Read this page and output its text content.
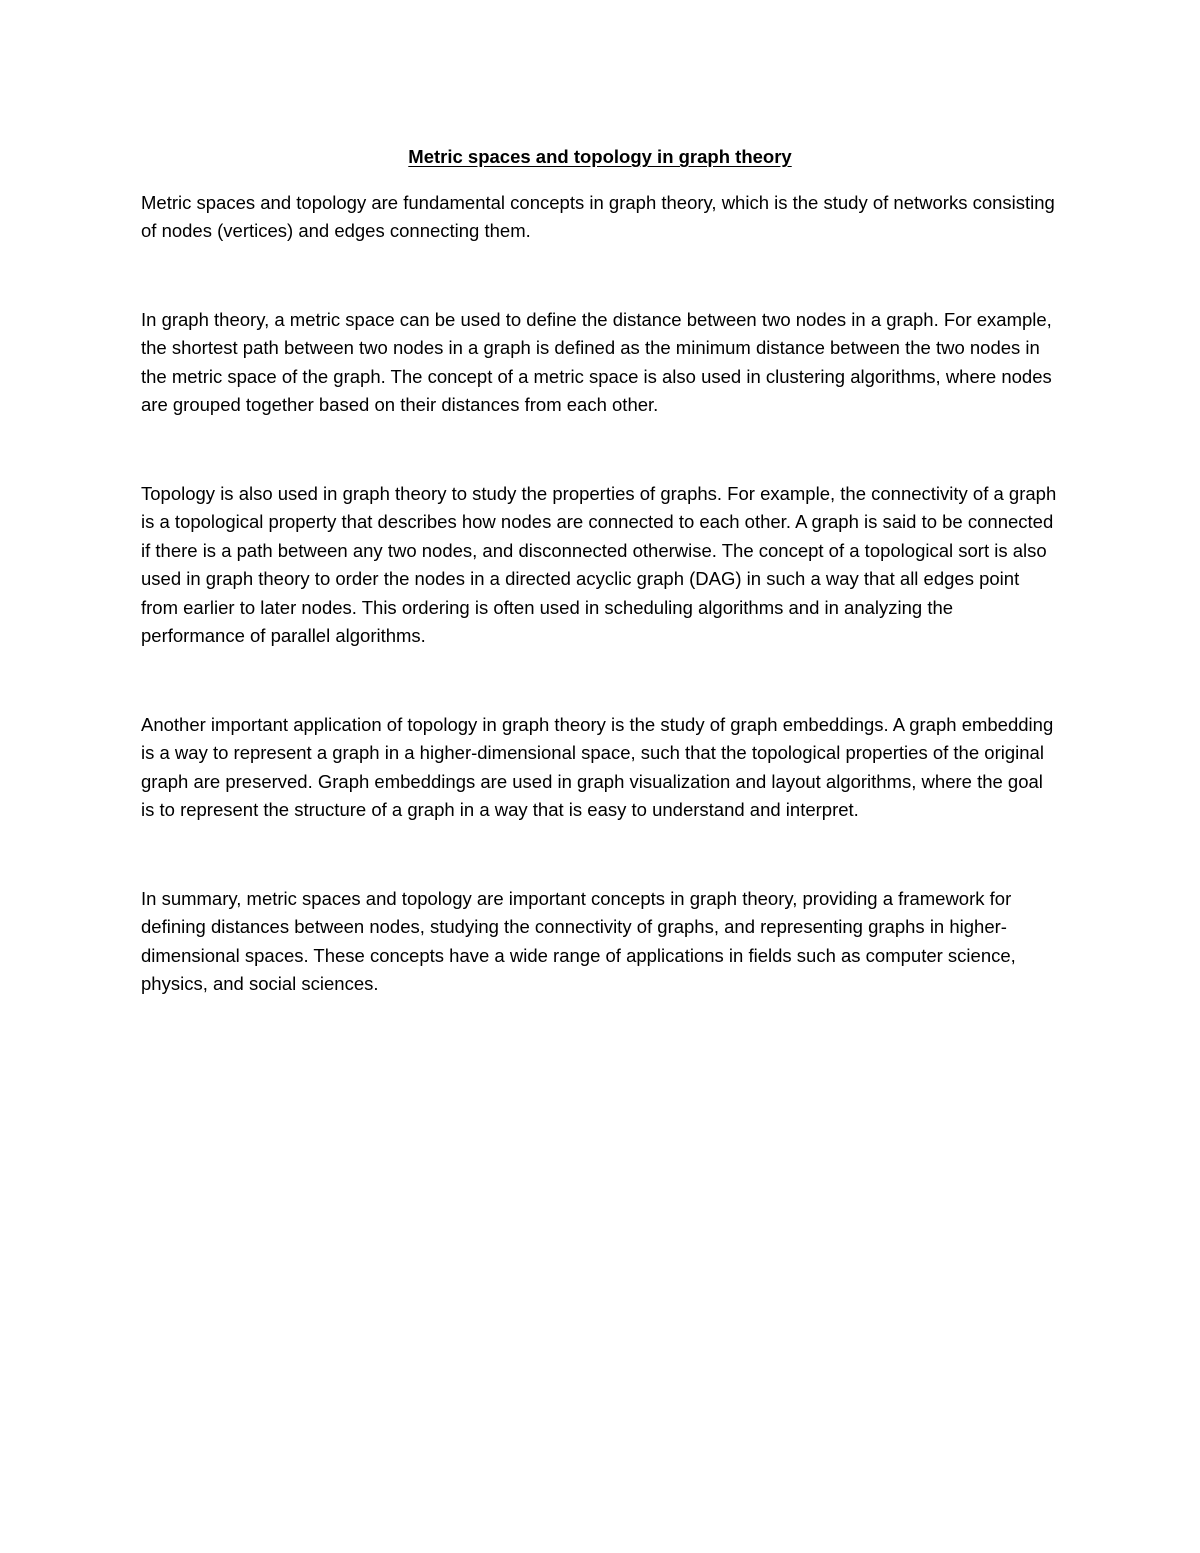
Metric spaces and topology in graph theory

Metric spaces and topology are fundamental concepts in graph theory, which is the study of networks consisting of nodes (vertices) and edges connecting them.

In graph theory, a metric space can be used to define the distance between two nodes in a graph. For example, the shortest path between two nodes in a graph is defined as the minimum distance between the two nodes in the metric space of the graph. The concept of a metric space is also used in clustering algorithms, where nodes are grouped together based on their distances from each other.

Topology is also used in graph theory to study the properties of graphs. For example, the connectivity of a graph is a topological property that describes how nodes are connected to each other. A graph is said to be connected if there is a path between any two nodes, and disconnected otherwise. The concept of a topological sort is also used in graph theory to order the nodes in a directed acyclic graph (DAG) in such a way that all edges point from earlier to later nodes. This ordering is often used in scheduling algorithms and in analyzing the performance of parallel algorithms.

Another important application of topology in graph theory is the study of graph embeddings. A graph embedding is a way to represent a graph in a higher-dimensional space, such that the topological properties of the original graph are preserved. Graph embeddings are used in graph visualization and layout algorithms, where the goal is to represent the structure of a graph in a way that is easy to understand and interpret.

In summary, metric spaces and topology are important concepts in graph theory, providing a framework for defining distances between nodes, studying the connectivity of graphs, and representing graphs in higher-dimensional spaces. These concepts have a wide range of applications in fields such as computer science, physics, and social sciences.
